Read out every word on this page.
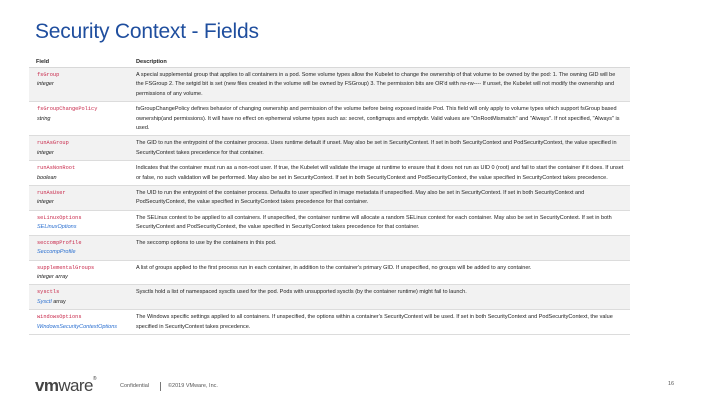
Security Context - Fields
Field	Description

fsGroup
integer	A special supplemental group that applies to all containers in a pod. Some volume types allow the Kubelet to change the ownership of that volume to be owned by the pod: 1. The owning GID will be the FSGroup 2. The setgid bit is set (new files created in the volume will be owned by FSGroup) 3. The permission bits are OR'd with rw-rw---- If unset, the Kubelet will not modify the ownership and permissions of any volume.

fsGroupChangePolicy
string	fsGroupChangePolicy defines behavior of changing ownership and permission of the volume before being exposed inside Pod. This field will only apply to volume types which support fsGroup based ownership(and permissions). It will have no effect on ephemeral volume types such as: secret, configmaps and emptydir. Valid values are "OnRootMismatch" and "Always". If not specified, "Always" is used.

runAsGroup
integer	The GID to run the entrypoint of the container process. Uses runtime default if unset. May also be set in SecurityContext. If set in both SecurityContext and PodSecurityContext, the value specified in SecurityContext takes precedence for that container.

runAsNonRoot
boolean	Indicates that the container must run as a non-root user. If true, the Kubelet will validate the image at runtime to ensure that it does not run as UID 0 (root) and fail to start the container if it does. If unset or false, no such validation will be performed. May also be set in SecurityContext. If set in both SecurityContext and PodSecurityContext, the value specified in SecurityContext takes precedence.

runAsUser
integer	The UID to run the entrypoint of the container process. Defaults to user specified in image metadata if unspecified. May also be set in SecurityContext. If set in both SecurityContext and PodSecurityContext, the value specified in SecurityContext takes precedence for that container.

seLinuxOptions
SELinuxOptions	The SELinux context to be applied to all containers. If unspecified, the container runtime will allocate a random SELinux context for each container. May also be set in SecurityContext. If set in both SecurityContext and PodSecurityContext, the value specified in SecurityContext takes precedence for that container.

seccompProfile
SeccompProfile	The seccomp options to use by the containers in this pod.

supplementalGroups
integer array	A list of groups applied to the first process run in each container, in addition to the container's primary GID. If unspecified, no groups will be added to any container.

sysctls
Sysctl array	Sysctls hold a list of namespaced sysctls used for the pod. Pods with unsupported sysctls (by the container runtime) might fail to launch.

windowsOptions
WindowsSecurityContextOptions	The Windows specific settings applied to all containers. If unspecified, the options within a container's SecurityContext will be used. If set in both SecurityContext and PodSecurityContext, the value specified in SecurityContext takes precedence.
vmware®
Confidential	©2019 VMware, Inc.	16
